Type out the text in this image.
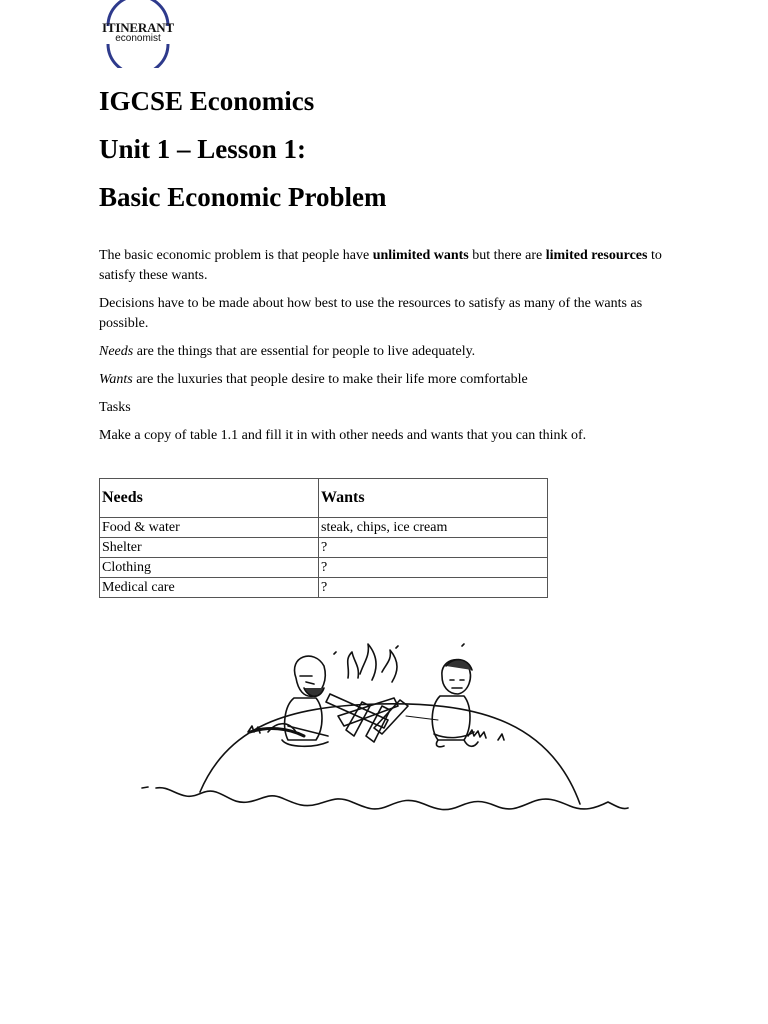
ITINERANT
economist
IGCSE Economics
Unit 1 – Lesson 1:
Basic Economic Problem

The basic economic problem is that people have unlimited wants but there are limited resources to satisfy these wants.

Decisions have to be made about how best to use the resources to satisfy as many of the wants as possible.

Needs are the things that are essential for people to live adequately.

Wants are the luxuries that people desire to make their life more comfortable

Tasks

Make a copy of table 1.1 and fill it in with other needs and wants that you can think of.

Needs	Wants
Food & water	steak, chips, ice cream
Shelter	?
Clothing	?
Medical care	?
